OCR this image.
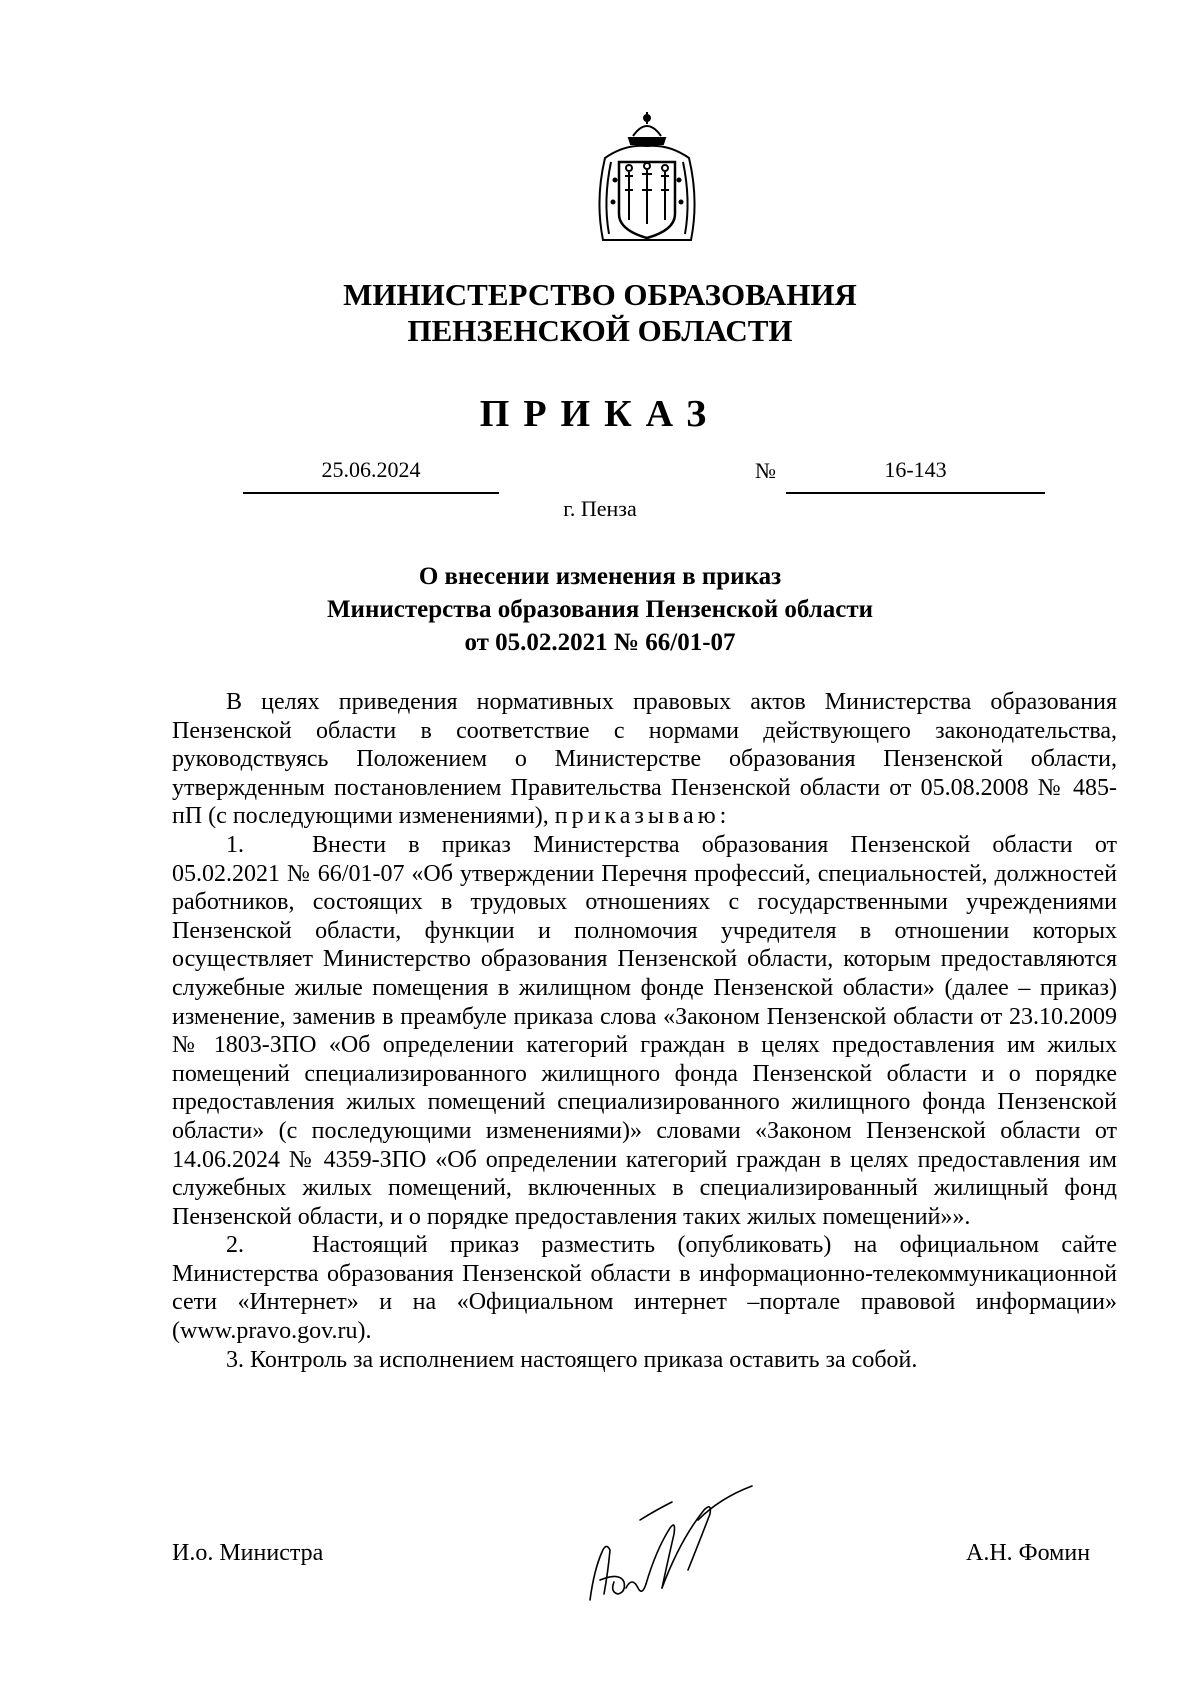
МИНИСТЕРСТВО ОБРАЗОВАНИЯ
ПЕНЗЕНСКОЙ ОБЛАСТИ
ПРИКАЗ
25.06.2024	№	16-143
г. Пенза
О внесении изменения в приказ
Министерства образования Пензенской области
от 05.02.2021 № 66/01-07

В целях приведения нормативных правовых актов Министерства образования Пензенской области в соответствие с нормами действующего законодательства, руководствуясь Положением о Министерстве образования Пензенской области, утвержденным постановлением Правительства Пензенской области от 05.08.2008 № 485-пП (с последующими изменениями), приказываю:

1.	Внести в приказ Министерства образования Пензенской области от 05.02.2021 № 66/01-07 «Об утверждении Перечня профессий, специальностей, должностей работников, состоящих в трудовых отношениях с государственными учреждениями Пензенской области, функции и полномочия учредителя в отношении которых осуществляет Министерство образования Пензенской области, которым предоставляются служебные жилые помещения в жилищном фонде Пензенской области» (далее – приказ) изменение, заменив в преамбуле приказа слова «Законом Пензенской области от 23.10.2009 № 1803-ЗПО «Об определении категорий граждан в целях предоставления им жилых помещений специализированного жилищного фонда Пензенской области и о порядке предоставления жилых помещений специализированного жилищного фонда Пензенской области» (с последующими изменениями)» словами «Законом Пензенской области от 14.06.2024 № 4359-ЗПО «Об определении категорий граждан в целях предоставления им служебных жилых помещений, включенных в специализированный жилищный фонд Пензенской области, и о порядке предоставления таких жилых помещений»».

2.	Настоящий приказ разместить (опубликовать) на официальном сайте Министерства образования Пензенской области в информационно-телекоммуникационной сети «Интернет» и на «Официальном интернет –портале правовой информации» (www.pravo.gov.ru).

3. Контроль за исполнением настоящего приказа оставить за собой.

И.о. Министра	А.Н. Фомин
